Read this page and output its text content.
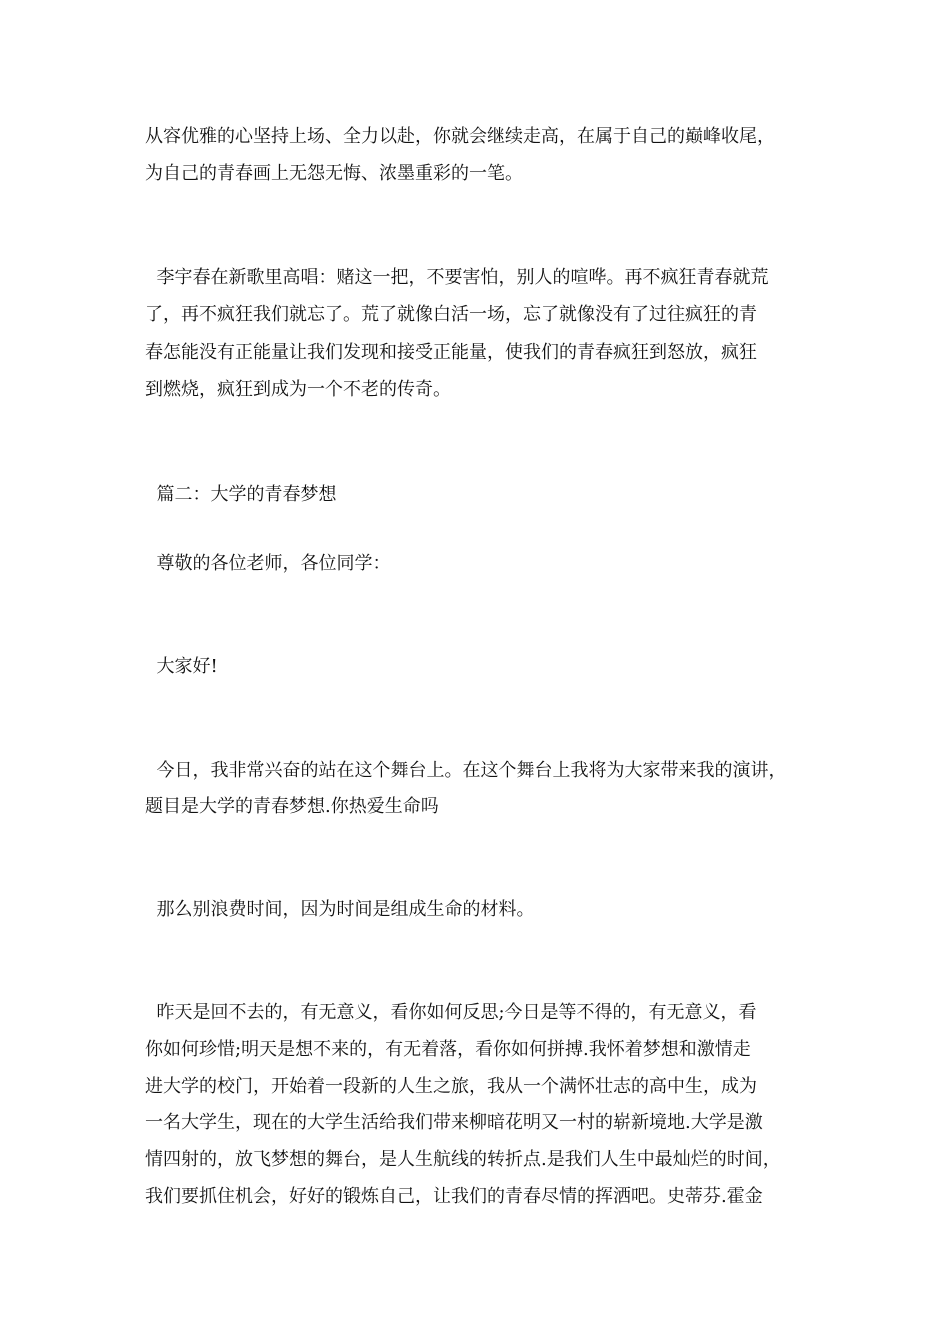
从容优雅的心坚持上场、全力以赴，你就会继续走高，在属于自己的巅峰收尾，
为自己的青春画上无怨无悔、浓墨重彩的一笔。
李宇春在新歌里高唱：赌这一把，不要害怕，别人的喧哗。再不疯狂青春就荒
了，再不疯狂我们就忘了。荒了就像白活一场，忘了就像没有了过往疯狂的青
春怎能没有正能量让我们发现和接受正能量，使我们的青春疯狂到怒放，疯狂
到燃烧，疯狂到成为一个不老的传奇。
篇二：大学的青春梦想
尊敬的各位老师，各位同学：
大家好!
今日，我非常兴奋的站在这个舞台上。在这个舞台上我将为大家带来我的演讲，
题目是大学的青春梦想.你热爱生命吗
那么别浪费时间，因为时间是组成生命的材料。
昨天是回不去的，有无意义，看你如何反思;今日是等不得的，有无意义，看
你如何珍惜;明天是想不来的，有无着落，看你如何拼搏.我怀着梦想和激情走
进大学的校门，开始着一段新的人生之旅，我从一个满怀壮志的高中生，成为
一名大学生，现在的大学生活给我们带来柳暗花明又一村的崭新境地.大学是激
情四射的，放飞梦想的舞台，是人生航线的转折点.是我们人生中最灿烂的时间，
我们要抓住机会，好好的锻炼自己，让我们的青春尽情的挥洒吧。史蒂芬.霍金
